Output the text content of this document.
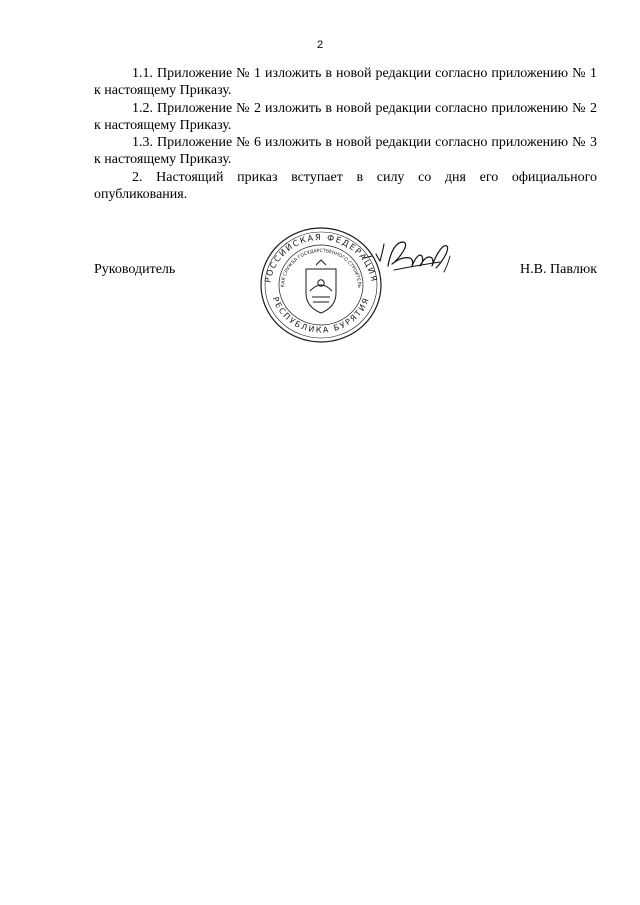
2

1.1. Приложение № 1 изложить в новой редакции согласно приложению № 1 к настоящему Приказу.

1.2. Приложение № 2 изложить в новой редакции согласно приложению № 2 к настоящему Приказу.

1.3. Приложение № 6 изложить в новой редакции согласно приложению № 3 к настоящему Приказу.

2. Настоящий приказ вступает в силу со дня его официального опубликования.

Руководитель	Н.В. Павлюк
РОССИЙСКАЯ ФЕДЕРАЦИЯ
КАЯ СЛУЖБА ГОСУДАРСТВЕННОГО СТРОИТЕЛЬ
РЕСПУБЛИКА БУРЯТИЯ
